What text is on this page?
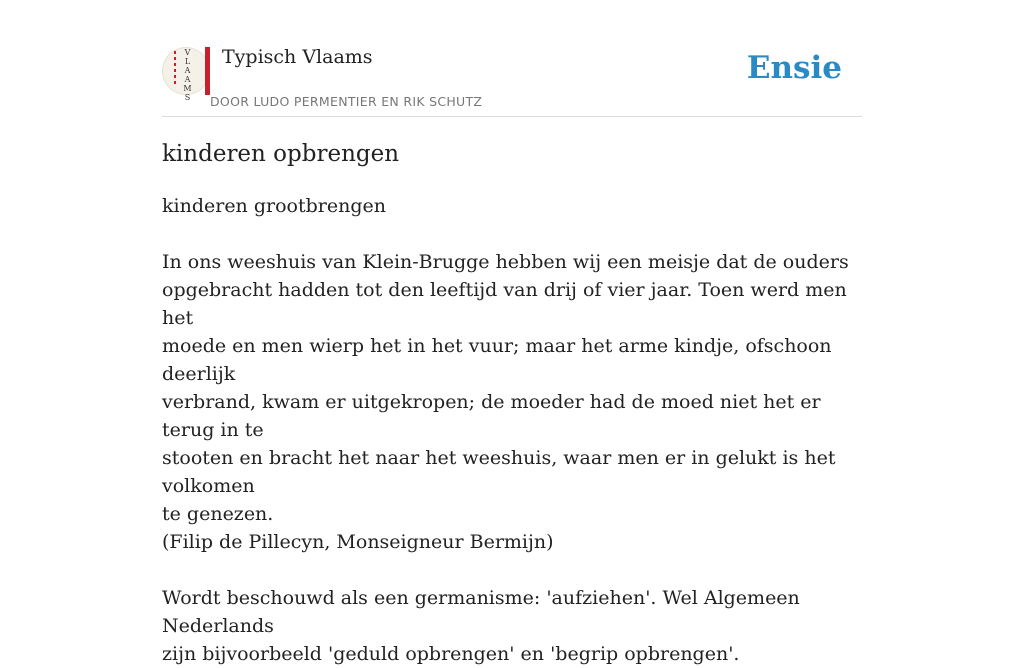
V
L
A
A
M
S
Typisch Vlaams
DOOR LUDO PERMENTIER EN RIK SCHUTZ
Ensie
kinderen opbrengen

kinderen grootbrengen

In ons weeshuis van Klein-Brugge hebben wij een meisje dat de ouders

opgebracht hadden tot den leeftijd van drij of vier jaar. Toen werd men het

moede en men wierp het in het vuur; maar het arme kindje, ofschoon deerlijk

verbrand, kwam er uitgekropen; de moeder had de moed niet het er terug in te

stooten en bracht het naar het weeshuis, waar men er in gelukt is het volkomen

te genezen.

(Filip de Pillecyn, Monseigneur Bermijn)

Wordt beschouwd als een germanisme: 'aufziehen'. Wel Algemeen Nederlands

zijn bijvoorbeeld 'geduld opbrengen' en 'begrip opbrengen'.
